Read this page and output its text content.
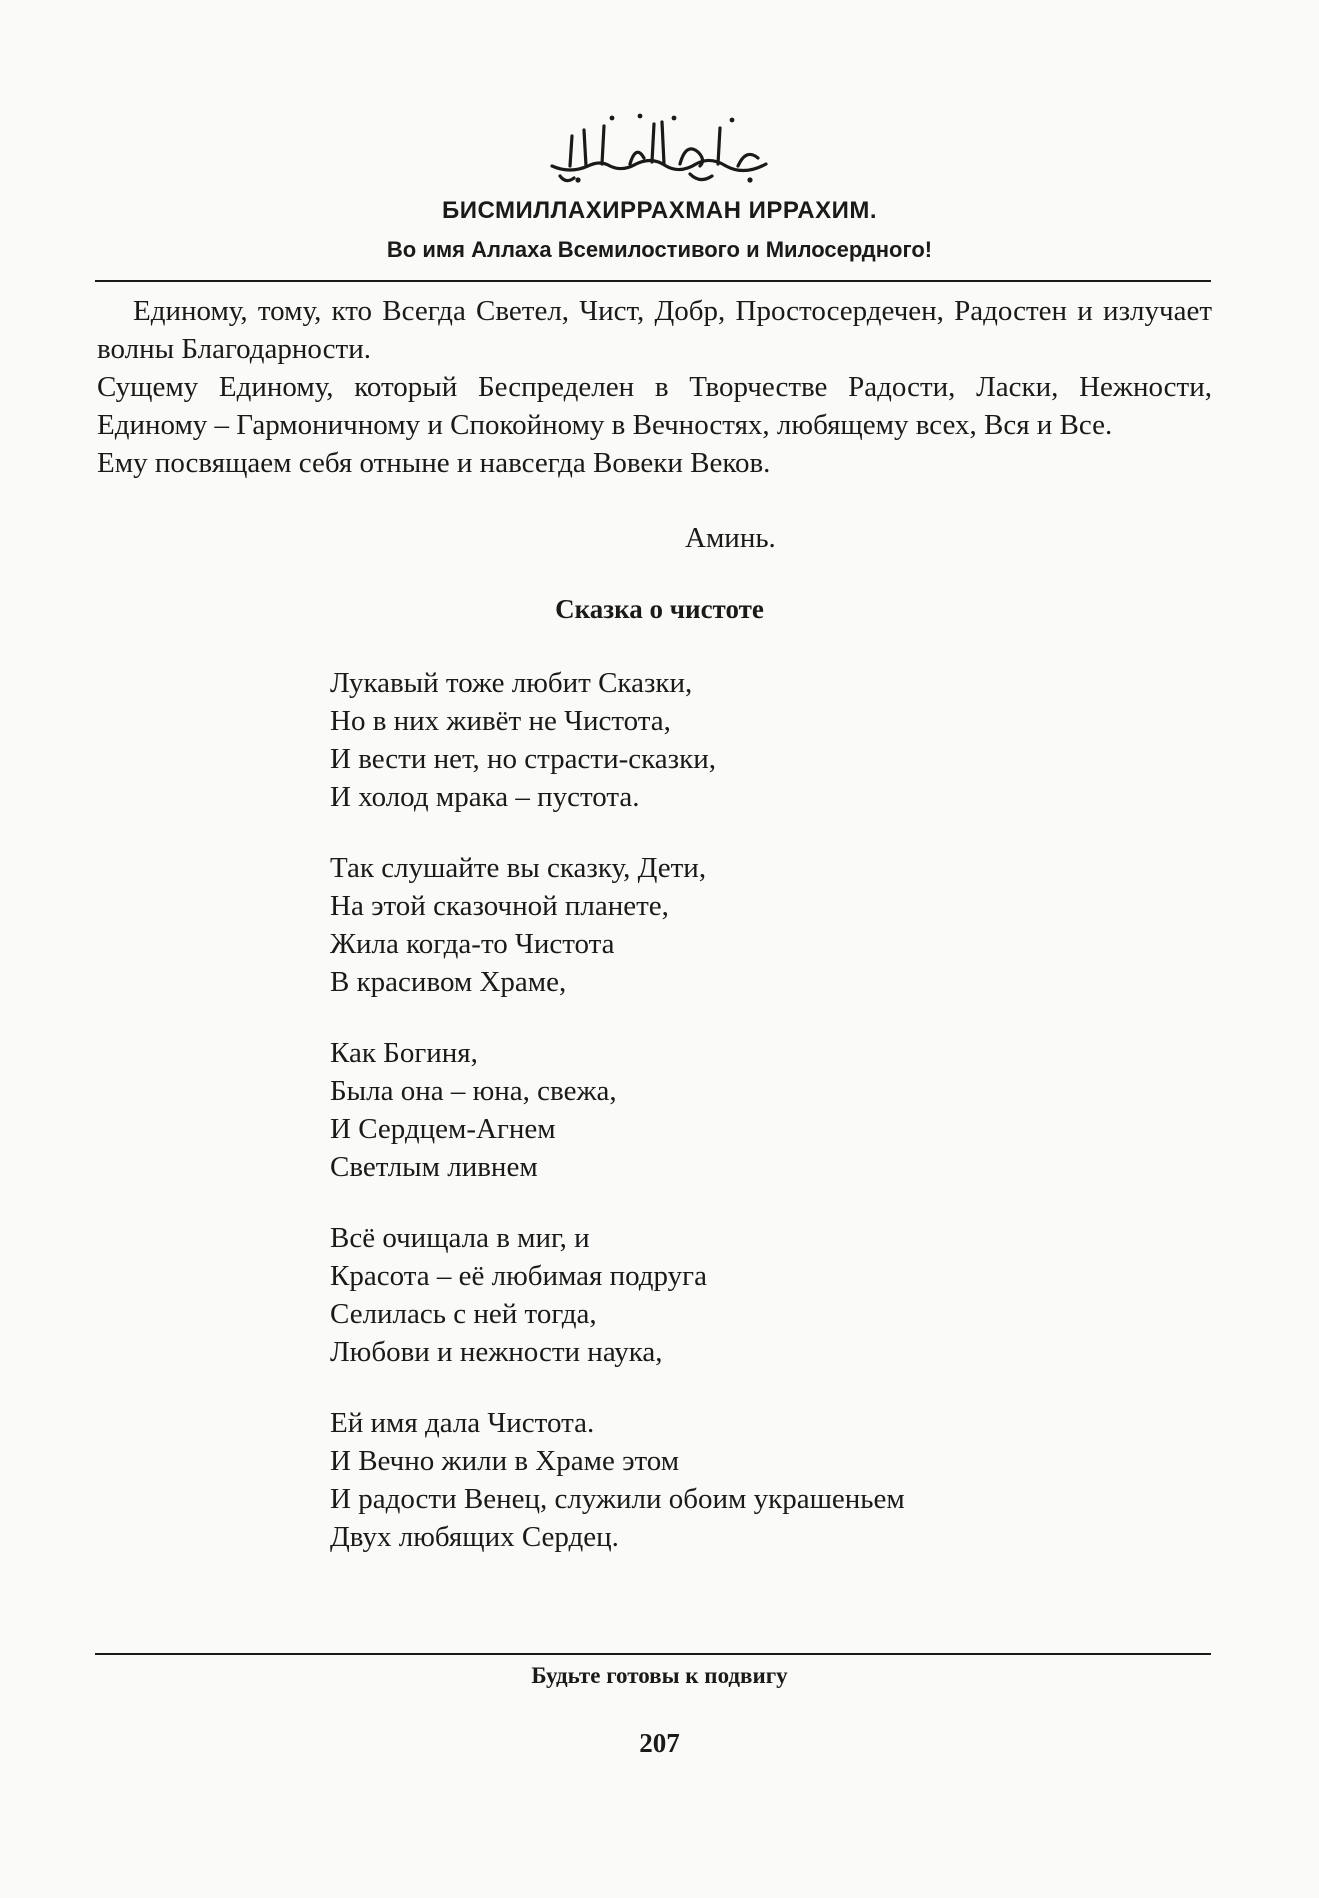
БИСМИЛЛАХИРРАХМАН ИРРАХИМ.
Во имя Аллаха Всемилостивого и Милосердного!

Единому, тому, кто Всегда Светел, Чист, Добр, Простосердечен, Радостен и излучает волны Благодарности.

Сущему Единому, который Беспределен в Творчестве Радости, Ласки, Нежности, Единому – Гармоничному и Спокойному в Вечностях, любящему всех, Вся и Все.

Ему посвящаем себя отныне и навсегда Вовеки Веков.

Аминь.
Сказка о чистоте
Лукавый тоже любит Сказки,
Но в них живёт не Чистота,
И вести нет, но страсти-сказки,
И холод мрака – пустота.
Так слушайте вы сказку, Дети,
На этой сказочной планете,
Жила когда-то Чистота
В красивом Храме,
Как Богиня,
Была она – юна, свежа,
И Сердцем-Агнем
Светлым ливнем
Всё очищала в миг, и
Красота – её любимая подруга
Селилась с ней тогда,
Любови и нежности наука,
Ей имя дала Чистота.
И Вечно жили в Храме этом
И радости Венец, служили обоим украшеньем
Двух любящих Сердец.
Будьте готовы к подвигу
207
